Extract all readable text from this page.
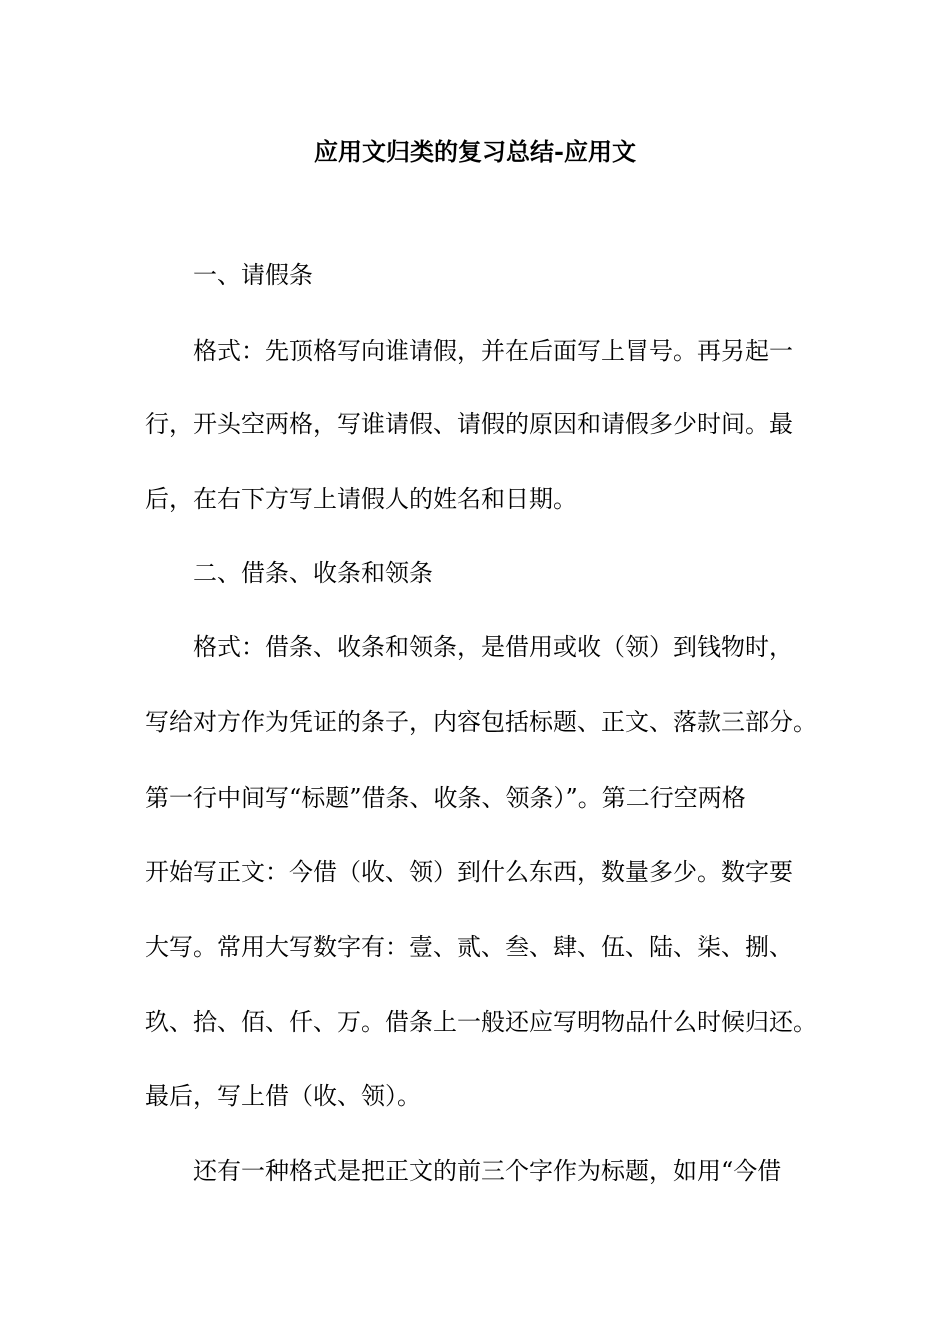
应用文归类的复习总结-应用文
一、请假条
格式：先顶格写向谁请假，并在后面写上冒号。再另起一
行，开头空两格，写谁请假、请假的原因和请假多少时间。最
后，在右下方写上请假人的姓名和日期。
二、借条、收条和领条
格式：借条、收条和领条，是借用或收（领）到钱物时，
写给对方作为凭证的条子，内容包括标题、正文、落款三部分。
第一行中间写“标题”借条、收条、领条）”。第二行空两格
开始写正文：今借（收、领）到什么东西，数量多少。数字要
大写。常用大写数字有：壹、贰、叁、肆、伍、陆、柒、捌、
玖、拾、佰、仟、万。借条上一般还应写明物品什么时候归还。
最后，写上借（收、领）。
还有一种格式是把正文的前三个字作为标题，如用“今借
